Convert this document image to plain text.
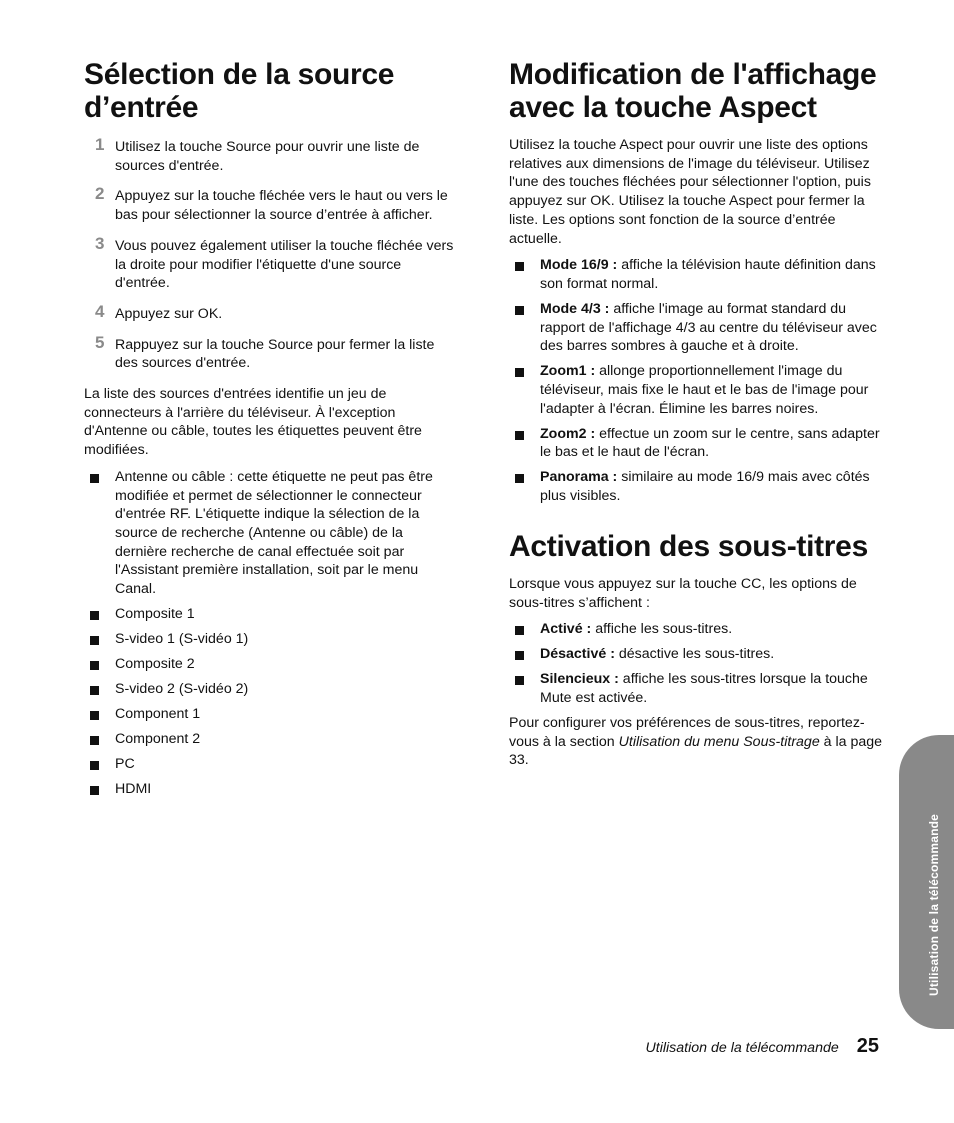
Sélection de la source d’entrée
1 Utilisez la touche Source pour ouvrir une liste de sources d'entrée.
2 Appuyez sur la touche fléchée vers le haut ou vers le bas pour sélectionner la source d’entrée à afficher.
3 Vous pouvez également utiliser la touche fléchée vers la droite pour modifier l'étiquette d'une source d'entrée.
4 Appuyez sur OK.
5 Rappuyez sur la touche Source pour fermer la liste des sources d'entrée.

La liste des sources d'entrées identifie un jeu de connecteurs à l'arrière du téléviseur. À l'exception d'Antenne ou câble, toutes les étiquettes peuvent être modifiées.

Antenne ou câble : cette étiquette ne peut pas être modifiée et permet de sélectionner le connecteur d'entrée RF. L'étiquette indique la sélection de la source de recherche (Antenne ou câble) de la dernière recherche de canal effectuée soit par l'Assistant première installation, soit par le menu Canal.
Composite 1
S-video 1 (S-vidéo 1)
Composite 2
S-video 2 (S-vidéo 2)
Component 1
Component 2
PC
HDMI
Modification de l'affichage avec la touche Aspect

Utilisez la touche Aspect pour ouvrir une liste des options relatives aux dimensions de l'image du téléviseur. Utilisez l'une des touches fléchées pour sélectionner l'option, puis appuyez sur OK. Utilisez la touche Aspect pour fermer la liste. Les options sont fonction de la source d’entrée actuelle.

Mode 16/9 : affiche la télévision haute définition dans son format normal.
Mode 4/3 : affiche l'image au format standard du rapport de l'affichage 4/3 au centre du téléviseur avec des barres sombres à gauche et à droite.
Zoom1 : allonge proportionnellement l'image du téléviseur, mais fixe le haut et le bas de l'image pour l'adapter à l'écran. Élimine les barres noires.
Zoom2 : effectue un zoom sur le centre, sans adapter le bas et le haut de l'écran.
Panorama : similaire au mode 16/9 mais avec côtés plus visibles.
Activation des sous-titres

Lorsque vous appuyez sur la touche CC, les options de sous-titres s’affichent :

Activé : affiche les sous-titres.
Désactivé : désactive les sous-titres.
Silencieux : affiche les sous-titres lorsque la touche Mute est activée.

Pour configurer vos préférences de sous-titres, reportez-vous à la section Utilisation du menu Sous-titrage à la page 33.

Utilisation de la télécommande
Utilisation de la télécommande 25
